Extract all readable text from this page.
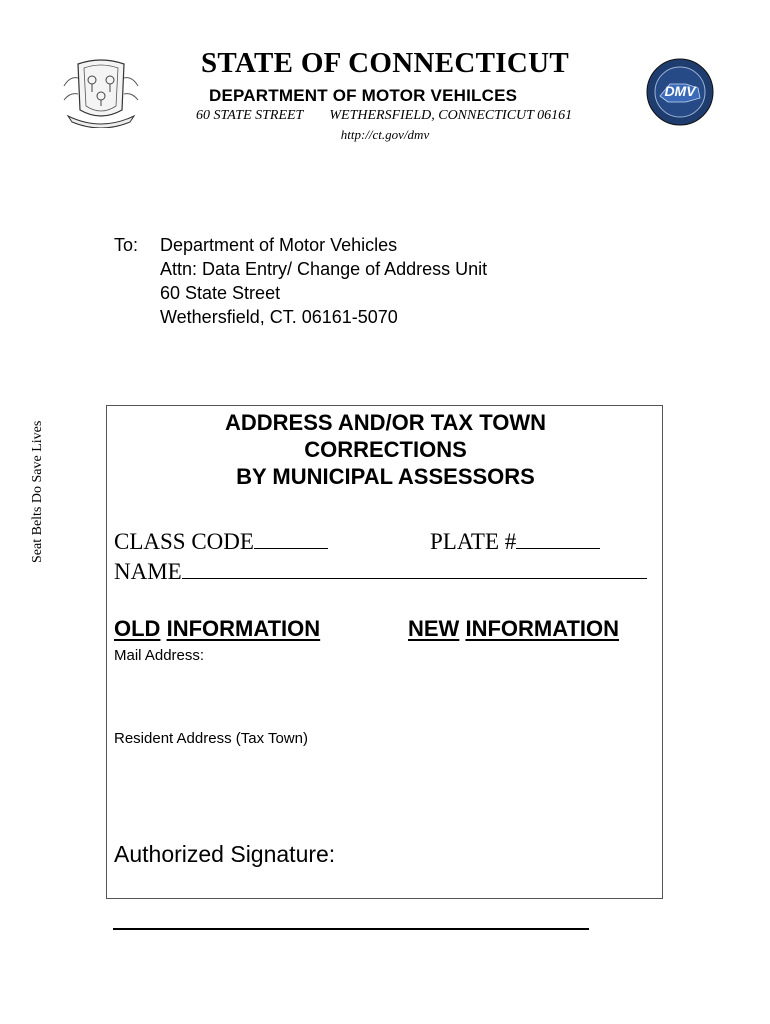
STATE OF CONNECTICUT
DEPARTMENT OF MOTOR VEHILCES
60 STATE STREET WETHERSFIELD, CONNECTICUT 06161
http://ct.gov/dmv
DMV
To:	Department of Motor Vehicles
Attn: Data Entry/ Change of Address Unit
60 State Street
Wethersfield, CT. 06161-5070
Seat Belts Do Save Lives	ADDRESS AND/OR TAX TOWN
CORRECTIONS
BY MUNICIPAL ASSESSORS
CLASS CODE	PLATE #
NAME
OLD INFORMATION	NEW INFORMATION
Mail Address:
Resident Address (Tax Town)
Authorized Signature:
